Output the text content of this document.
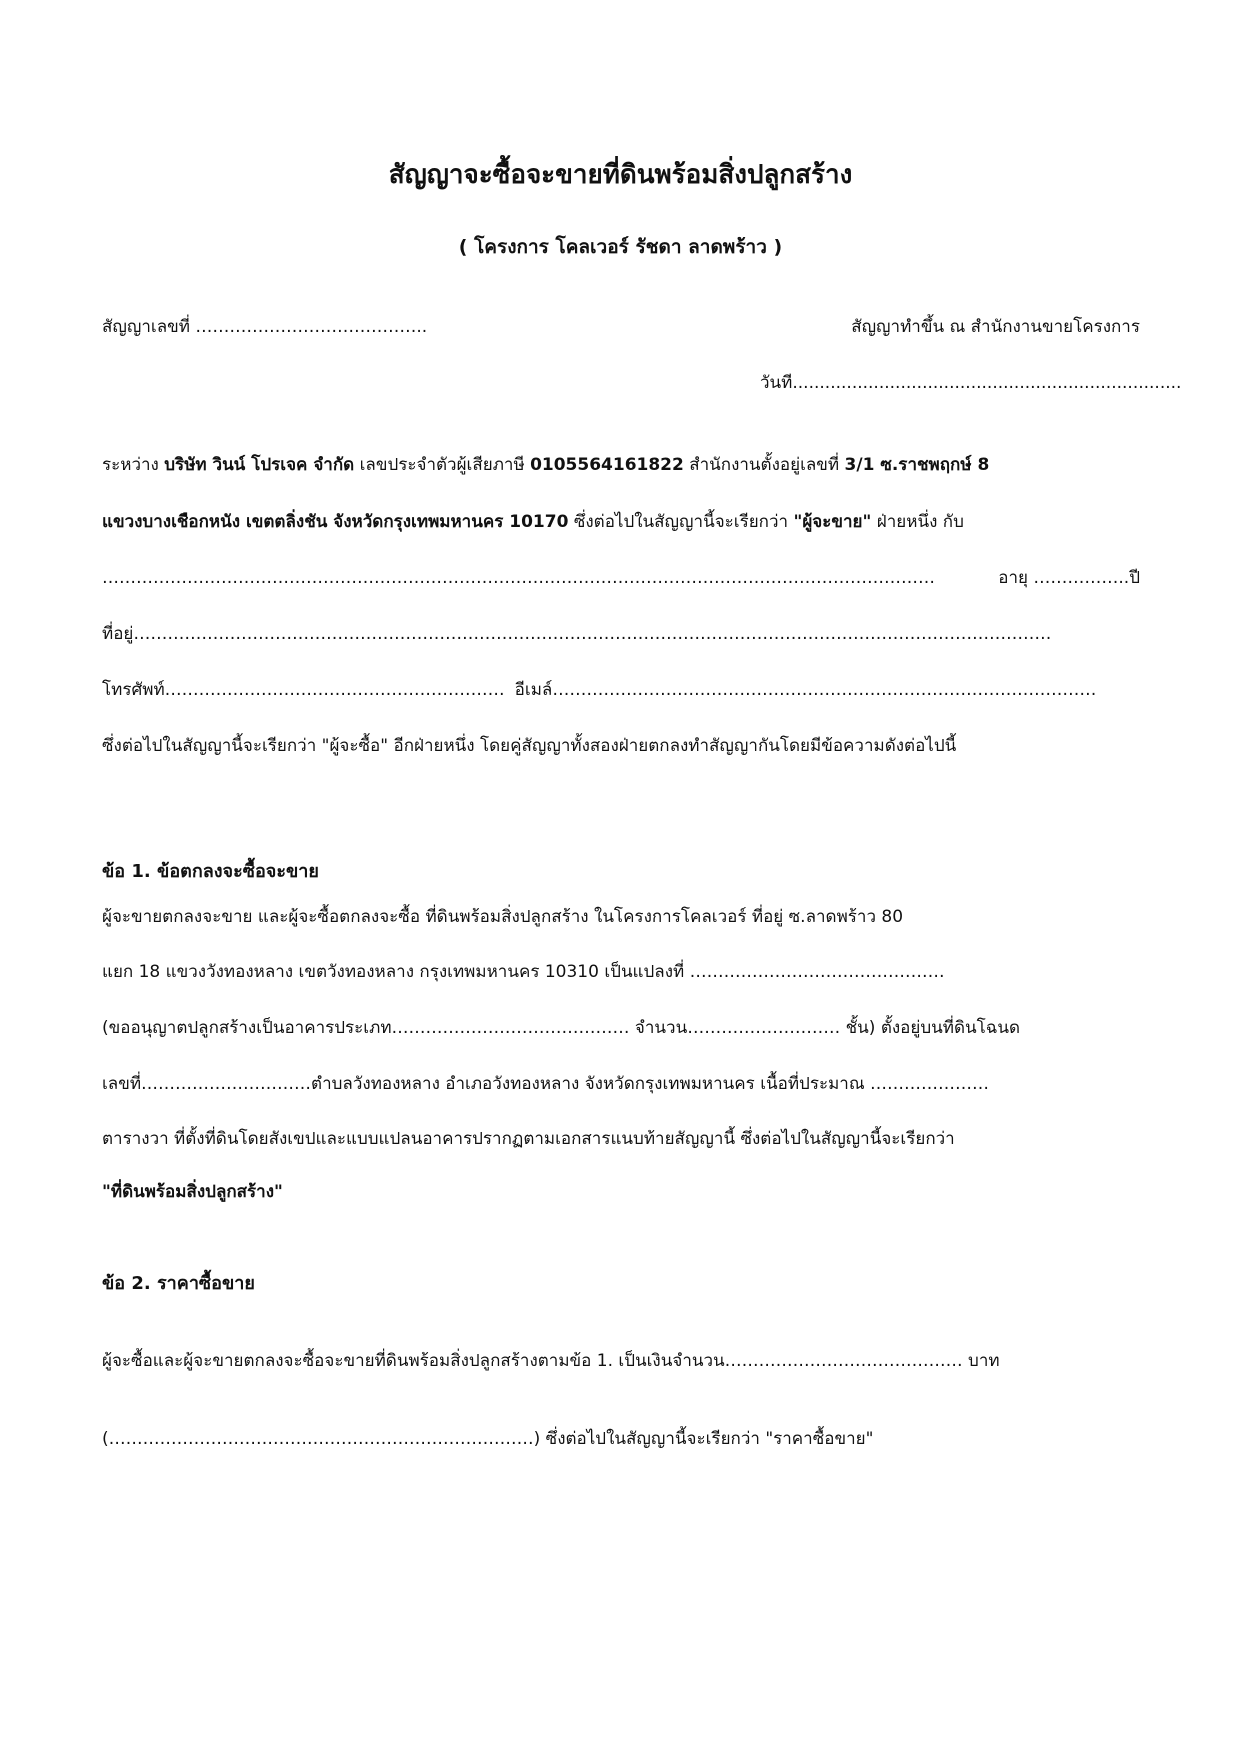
สัญญาจะซื้อจะขายที่ดินพร้อมสิ่งปลูกสร้าง
( โครงการ โคลเวอร์ รัชดา ลาดพร้าว )
สัญญาเลขที่ …………………………………..	สัญญาทำขึ้น ณ สำนักงานขายโครงการ
วันที........................................................................
ระหว่าง บริษัท วินน์ โปรเจค จำกัด เลขประจำตัวผู้เสียภาษี 0105564161822 สำนักงานตั้งอยู่เลขที่ 3/1 ซ.ราชพฤกษ์ 8
แขวงบางเชือกหนัง เขตตลิ่งชัน จังหวัดกรุงเทพมหานคร 10170 ซึ่งต่อไปในสัญญานี้จะเรียกว่า "ผู้จะขาย" ฝ่ายหนึ่ง กับ
…………………………………………………………………………………………………………………………………	อายุ …………….. ปี
ที่อยู่ ………………………………………………………………………………………………………………………………………………
โทรศัพท์ …………………………………………………… อีเมล์ ……………………………………………………………………………………
ซึ่งต่อไปในสัญญานี้จะเรียกว่า "ผู้จะซื้อ" อีกฝ่ายหนึ่ง โดยคู่สัญญาทั้งสองฝ่ายตกลงทำสัญญากันโดยมีข้อความดังต่อไปนี้
ข้อ 1. ข้อตกลงจะซื้อจะขาย
ผู้จะขายตกลงจะขาย และผู้จะซื้อตกลงจะซื้อ ที่ดินพร้อมสิ่งปลูกสร้าง ในโครงการโคลเวอร์ ที่อยู่ ซ.ลาดพร้าว 80
แยก 18 แขวงวังทองหลาง เขตวังทองหลาง กรุงเทพมหานคร 10310 เป็นแปลงที่ ………………………………………
(ขออนุญาตปลูกสร้างเป็นอาคารประเภท…………………………………… จำนวน……………………… ชั้น) ตั้งอยู่บนที่ดินโฉนด
เลขที่…………………………ตำบลวังทองหลาง อำเภอวังทองหลาง จังหวัดกรุงเทพมหานคร เนื้อที่ประมาณ …………………
ตารางวา ที่ตั้งที่ดินโดยสังเขปและแบบแปลนอาคารปรากฏตามเอกสารแนบท้ายสัญญานี้ ซึ่งต่อไปในสัญญานี้จะเรียกว่า
"ที่ดินพร้อมสิ่งปลูกสร้าง"
ข้อ 2. ราคาซื้อขาย
ผู้จะซื้อและผู้จะขายตกลงจะซื้อจะขายที่ดินพร้อมสิ่งปลูกสร้างตามข้อ 1. เป็นเงินจำนวน…………………………………… บาท
(…………………………………………………………………) ซึ่งต่อไปในสัญญานี้จะเรียกว่า "ราคาซื้อขาย"
